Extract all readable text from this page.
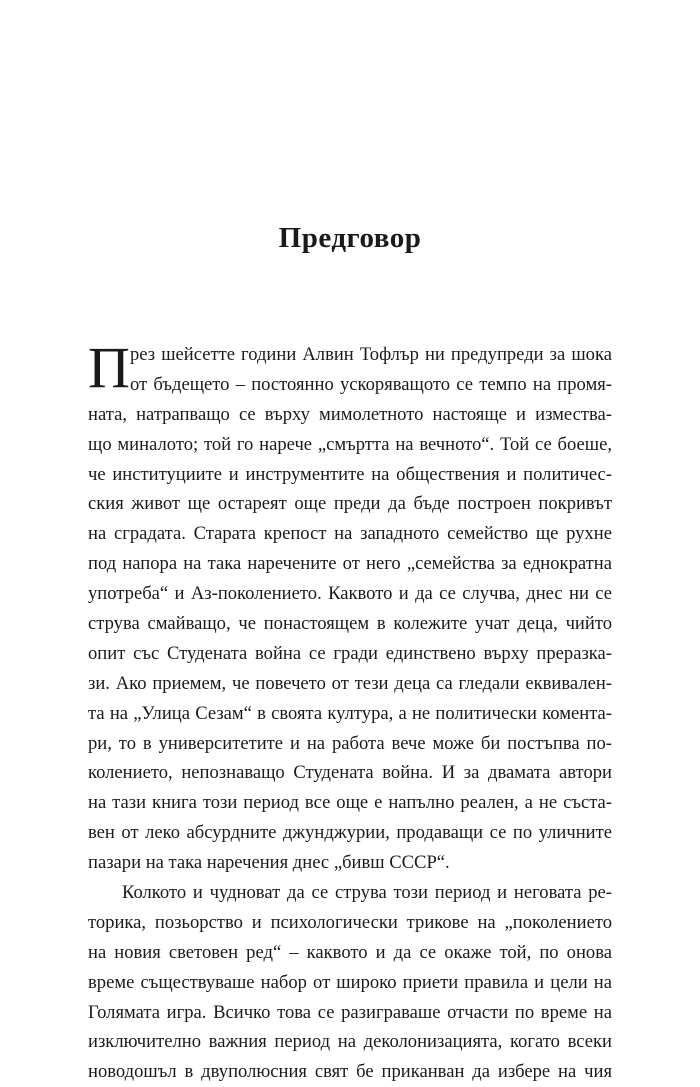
Предговор
П рез шейсетте години Алвин Тофлър ни предупреди за шока
от бъдещето – постоянно ускоряващото се темпо на промя-
ната, натрапващо се върху мимолетното настояще и измества-
що миналото; той го нарече „смъртта на вечното“. Той се боеше,
че институциите и инструментите на обществения и политичес-
ския живот ще остареят още преди да бъде построен покривът
на сградата. Старата крепост на западното семейство ще рухне
под напора на така наречените от него „семейства за еднократна
употреба“ и Аз-поколението. Каквото и да се случва, днес ни се
струва смайващо, че понастоящем в колежите учат деца, чийто
опит със Студената война се гради единствено върху преразка-
зи. Ако приемем, че повечето от тези деца са гледали еквивален-
та на „Улица Сезам“ в своята култура, а не политически комента-
ри, то в университетите и на работа вече може би постъпва по-
колението, непознаващо Студената война. И за двамата автори
на тази книга този период все още е напълно реален, а не съста-
вен от леко абсурдните джунджурии, продаващи се по уличните
пазари на така наречения днес „бивш СССР“.
Колкото и чудноват да се струва този период и неговата ре-
торика, позьорство и психологически трикове на „поколението
на новия световен ред“ – каквото и да се окаже той, по онова
време съществуваше набор от широко приети правила и цели на
Голямата игра. Всичко това се разиграваше отчасти по време на
изключително важния период на деколонизацията, когато всеки
новодошъл в двуполюсния свят бе приканван да избере на чия
